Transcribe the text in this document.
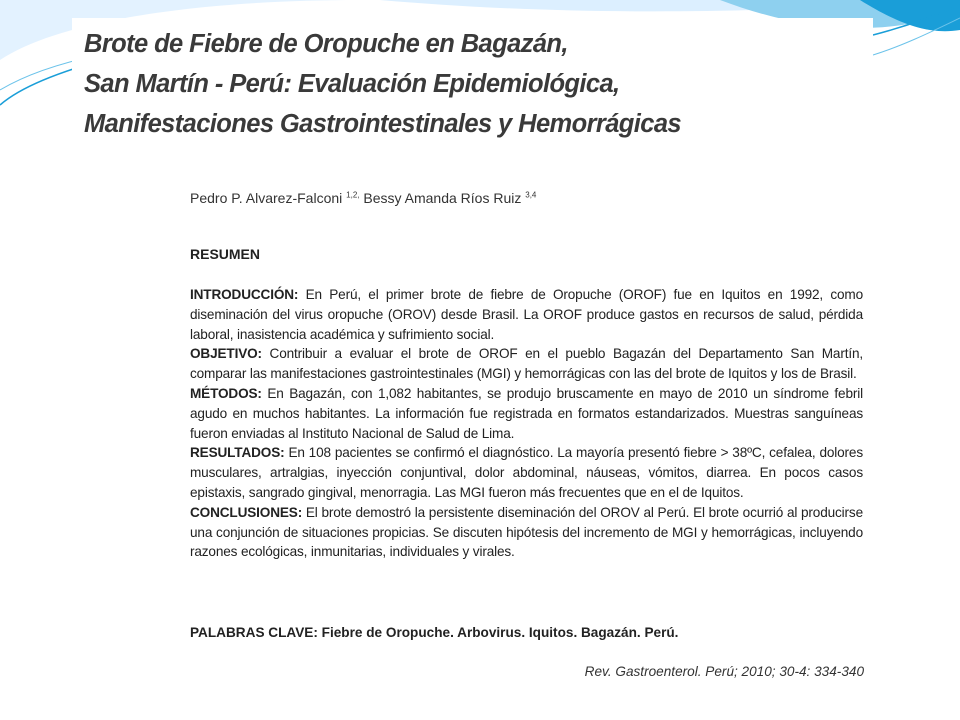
Brote de Fiebre de Oropuche en Bagazán,
San Martín - Perú: Evaluación Epidemiológica,
Manifestaciones Gastrointestinales y Hemorrágicas
Pedro P. Alvarez-Falconi $^{1,2,}$ Bessy Amanda Ríos Ruiz $^{3,4}$
RESUMEN

INTRODUCCIÓN: En Perú, el primer brote de fiebre de Oropuche (OROF) fue en Iquitos en 1992, como diseminación del virus oropuche (OROV) desde Brasil. La OROF produce gastos en recursos de salud, pérdida laboral, inasistencia académica y sufrimiento social.

OBJETIVO: Contribuir a evaluar el brote de OROF en el pueblo Bagazán del Departamento San Martín, comparar las manifestaciones gastrointestinales (MGI) y hemorrágicas con las del brote de Iquitos y los de Brasil.

MÉTODOS: En Bagazán, con 1,082 habitantes, se produjo bruscamente en mayo de 2010 un síndrome febril agudo en muchos habitantes. La información fue registrada en formatos estandarizados. Muestras sanguíneas fueron enviadas al Instituto Nacional de Salud de Lima.

RESULTADOS: En 108 pacientes se confirmó el diagnóstico. La mayoría presentó fiebre > 38ºC, cefalea, dolores musculares, artralgias, inyección conjuntival, dolor abdominal, náuseas, vómitos, diarrea. En pocos casos epistaxis, sangrado gingival, menorragia. Las MGI fueron más frecuentes que en el de Iquitos.

CONCLUSIONES: El brote demostró la persistente diseminación del OROV al Perú. El brote ocurrió al producirse una conjunción de situaciones propicias. Se discuten hipótesis del incremento de MGI y hemorrágicas, incluyendo razones ecológicas, inmunitarias, individuales y virales.

PALABRAS CLAVE: Fiebre de Oropuche. Arbovirus. Iquitos. Bagazán. Perú.
Rev. Gastroenterol. Perú; 2010; 30-4: 334-340
